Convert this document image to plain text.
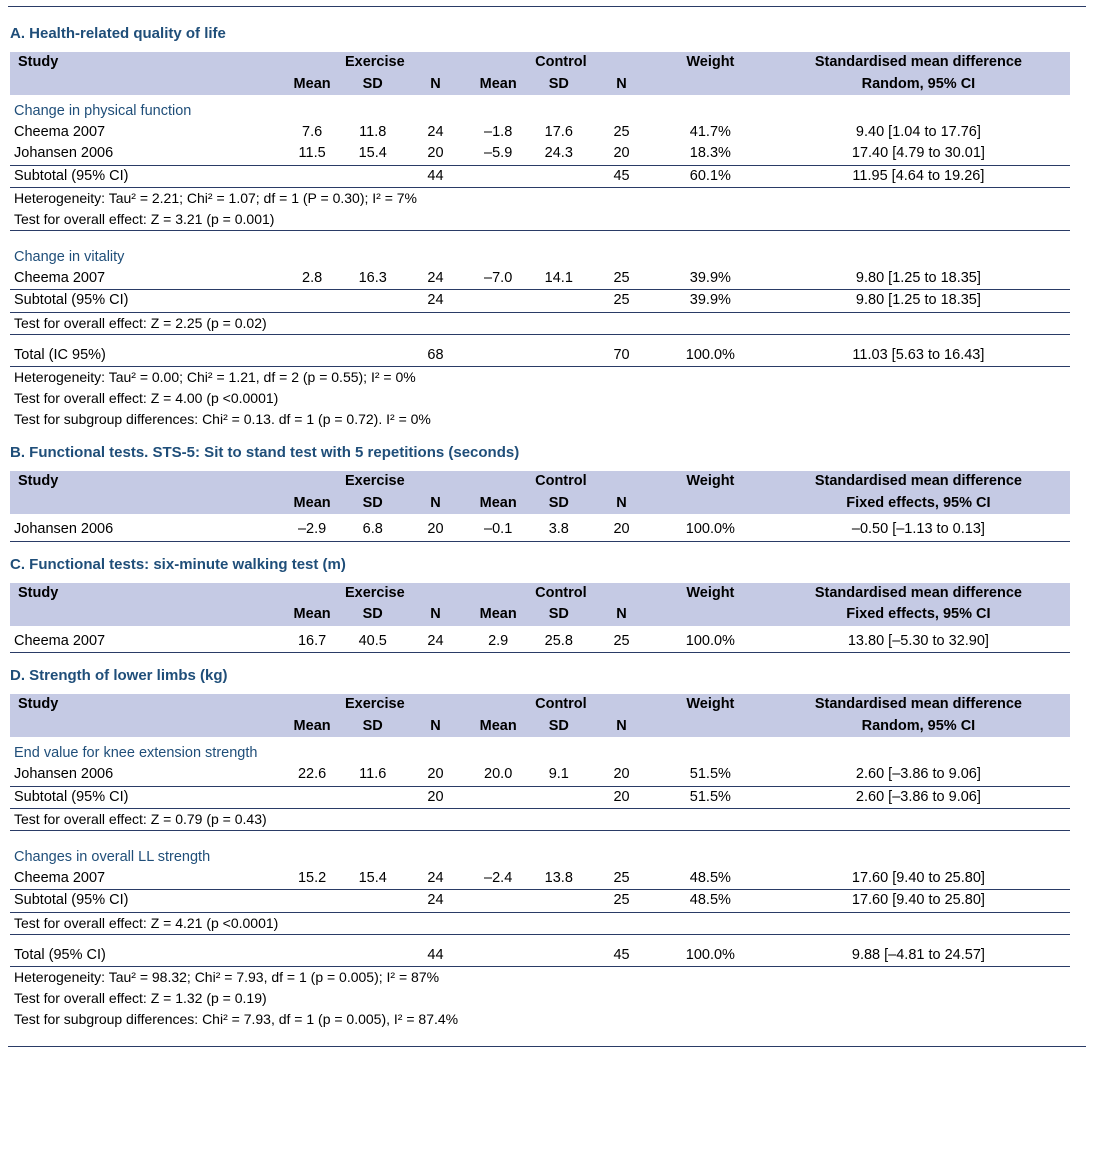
A. Health-related quality of life
Study	Exercise			Control			Weight	Standardised mean difference
	Mean	SD	N	Mean	SD	N		Random, 95% CI
Change in physical function								
Cheema 2007	7.6	11.8	24	–1.8	17.6	25	41.7%	9.40 [1.04 to 17.76]
Johansen 2006	11.5	15.4	20	–5.9	24.3	20	18.3%	17.40 [4.79 to 30.01]
Subtotal (95% CI)			44			45	60.1%	11.95 [4.64 to 19.26]
Heterogeneity: Tau² = 2.21; Chi² = 1.07; df = 1 (P = 0.30); I² = 7%								
Test for overall effect: Z = 3.21 (p = 0.001)								

Change in vitality								
Cheema 2007	2.8	16.3	24	–7.0	14.1	25	39.9%	9.80 [1.25 to 18.35]
Subtotal (95% CI)			24			25	39.9%	9.80 [1.25 to 18.35]
Test for overall effect: Z = 2.25 (p = 0.02)								

Total (IC 95%)			68			70	100.0%	11.03 [5.63 to 16.43]
Heterogeneity: Tau² = 0.00; Chi² = 1.21, df = 2 (p = 0.55); I² = 0%								
Test for overall effect: Z = 4.00 (p <0.0001)								
Test for subgroup differences: Chi² = 0.13. df = 1 (p = 0.72). I² = 0%								
B. Functional tests. STS-5: Sit to stand test with 5 repetitions (seconds)
Study	Exercise			Control			Weight	Standardised mean difference
	Mean	SD	N	Mean	SD	N		Fixed effects, 95% CI

Johansen 2006	–2.9	6.8	20	–0.1	3.8	20	100.0%	–0.50 [–1.13 to 0.13]
C. Functional tests: six-minute walking test (m)
Study	Exercise			Control			Weight	Standardised mean difference
	Mean	SD	N	Mean	SD	N		Fixed effects, 95% CI

Cheema 2007	16.7	40.5	24	2.9	25.8	25	100.0%	13.80 [–5.30 to 32.90]
D. Strength of lower limbs (kg)
Study	Exercise			Control			Weight	Standardised mean difference
	Mean	SD	N	Mean	SD	N		Random, 95% CI
End value for knee extension strength								
Johansen 2006	22.6	11.6	20	20.0	9.1	20	51.5%	2.60 [–3.86 to 9.06]
Subtotal (95% CI)			20			20	51.5%	2.60 [–3.86 to 9.06]
Test for overall effect: Z = 0.79 (p = 0.43)								

Changes in overall LL strength								
Cheema 2007	15.2	15.4	24	–2.4	13.8	25	48.5%	17.60 [9.40 to 25.80]
Subtotal (95% CI)			24			25	48.5%	17.60 [9.40 to 25.80]
Test for overall effect: Z = 4.21 (p <0.0001)								

Total (95% CI)			44			45	100.0%	9.88 [–4.81 to 24.57]
Heterogeneity: Tau² = 98.32; Chi² = 7.93, df = 1 (p = 0.005); I² = 87%								
Test for overall effect: Z = 1.32 (p = 0.19)								
Test for subgroup differences: Chi² = 7.93, df = 1 (p = 0.005), I² = 87.4%								
